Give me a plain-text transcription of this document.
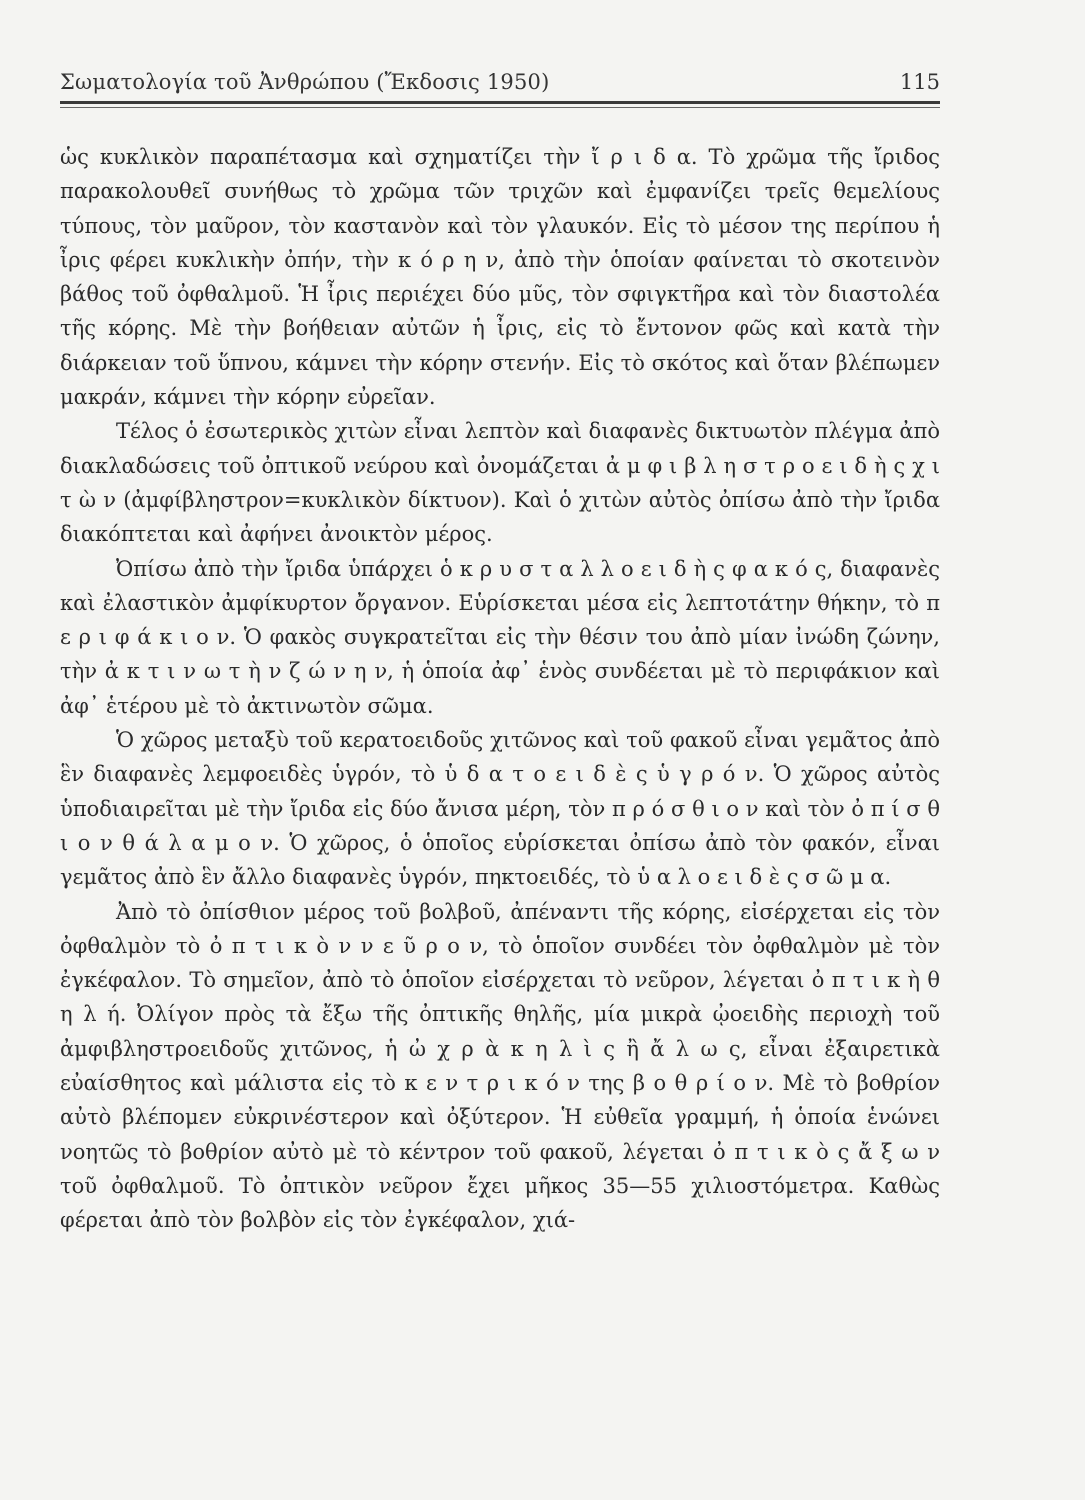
Σωματολογία τοῦ Ἀνθρώπου (Ἔκδοσις 1950)	115

ὡς κυκλικὸν παραπέτασμα καὶ σχηματίζει τὴν ἴ ρ ι δ α. Τὸ χρῶμα τῆς ἴριδος παρακολουθεῖ συνήθως τὸ χρῶμα τῶν τριχῶν καὶ ἐμφανίζει τρεῖς θεμελίους τύπους, τὸν μαῦρον, τὸν καστανὸν καὶ τὸν γλαυκόν. Εἰς τὸ μέσον της περίπου ἡ ἶρις φέρει κυκλικὴν ὀπήν, τὴν κ ό ρ η ν, ἀπὸ τὴν ὁποίαν φαίνεται τὸ σκοτεινὸν βάθος τοῦ ὀφθαλμοῦ. Ἡ ἶρις περιέχει δύο μῦς, τὸν σφιγκτῆρα καὶ τὸν διαστολέα τῆς κόρης. Μὲ τὴν βοήθειαν αὐτῶν ἡ ἶρις, εἰς τὸ ἔντονον φῶς καὶ κατὰ τὴν διάρκειαν τοῦ ὕπνου, κάμνει τὴν κόρην στενήν. Εἰς τὸ σκότος καὶ ὅταν βλέπωμεν μακράν, κάμνει τὴν κόρην εὐρεῖαν.

Τέλος ὁ ἐσωτερικὸς χιτὼν εἶναι λεπτὸν καὶ διαφανὲς δικτυωτὸν πλέγμα ἀπὸ διακλαδώσεις τοῦ ὀπτικοῦ νεύρου καὶ ὀνομάζεται ἀ μ φ ι β λ η σ τ ρ ο ε ι δ ὴ ς χ ι τ ὼ ν (ἀμφίβληστρον=κυκλικὸν δίκτυον). Καὶ ὁ χιτὼν αὐτὸς ὀπίσω ἀπὸ τὴν ἴριδα διακόπτεται καὶ ἀφήνει ἀνοικτὸν μέρος.

Ὀπίσω ἀπὸ τὴν ἴριδα ὑπάρχει ὁ κ ρ υ σ τ α λ λ ο ε ι δ ὴ ς φ α κ ό ς, διαφανὲς καὶ ἐλαστικὸν ἀμφίκυρτον ὄργανον. Εὑρίσκεται μέσα εἰς λεπτοτάτην θήκην, τὸ π ε ρ ι φ ά κ ι ο ν. Ὁ φακὸς συγκρατεῖται εἰς τὴν θέσιν του ἀπὸ μίαν ἰνώδη ζώνην, τὴν ἀ κ τ ι ν ω τ ὴ ν ζ ώ ν η ν, ἡ ὁποία ἀφ᾽ ἑνὸς συνδέεται μὲ τὸ περιφάκιον καὶ ἀφ᾽ ἑτέρου μὲ τὸ ἀκτινωτὸν σῶμα.

Ὁ χῶρος μεταξὺ τοῦ κερατοειδοῦς χιτῶνος καὶ τοῦ φακοῦ εἶναι γεμᾶτος ἀπὸ ἓν διαφανὲς λεμφοειδὲς ὑγρόν, τὸ ὑ δ α τ ο ε ι δ ὲ ς ὑ γ ρ ό ν. Ὁ χῶρος αὐτὸς ὑποδιαιρεῖται μὲ τὴν ἴριδα εἰς δύο ἄνισα μέρη, τὸν π ρ ό σ θ ι ο ν καὶ τὸν ὀ π ί σ θ ι ο ν θ ά λ α μ ο ν. Ὁ χῶρος, ὁ ὁποῖος εὑρίσκεται ὀπίσω ἀπὸ τὸν φακόν, εἶναι γεμᾶτος ἀπὸ ἓν ἄλλο διαφανὲς ὑγρόν, πηκτοειδές, τὸ ὑ α λ ο ε ι δ ὲ ς σ ῶ μ α.

Ἀπὸ τὸ ὀπίσθιον μέρος τοῦ βολβοῦ, ἀπέναντι τῆς κόρης, εἰσέρχεται εἰς τὸν ὀφθαλμὸν τὸ ὀ π τ ι κ ὸ ν ν ε ῦ ρ ο ν, τὸ ὁποῖον συνδέει τὸν ὀφθαλμὸν μὲ τὸν ἐγκέφαλον. Τὸ σημεῖον, ἀπὸ τὸ ὁποῖον εἰσέρχεται τὸ νεῦρον, λέγεται ὀ π τ ι κ ὴ θ η λ ή. Ὀλίγον πρὸς τὰ ἔξω τῆς ὀπτικῆς θηλῆς, μία μικρὰ ᾠοειδὴς περιοχὴ τοῦ ἀμφιβληστροειδοῦς χιτῶνος, ἡ ὠ χ ρ ὰ κ η λ ὶ ς ἢ ἄ λ ω ς, εἶναι ἐξαιρετικὰ εὐαίσθητος καὶ μάλιστα εἰς τὸ κ ε ν τ ρ ι κ ό ν της β ο θ ρ ί ο ν. Μὲ τὸ βοθρίον αὐτὸ βλέπομεν εὐκρινέστερον καὶ ὀξύτερον. Ἡ εὐθεῖα γραμμή, ἡ ὁποία ἑνώνει νοητῶς τὸ βοθρίον αὐτὸ μὲ τὸ κέντρον τοῦ φακοῦ, λέγεται ὀ π τ ι κ ὸ ς ἄ ξ ω ν τοῦ ὀφθαλμοῦ. Τὸ ὀπτικὸν νεῦρον ἔχει μῆκος 35—55 χιλιοστόμετρα. Καθὼς φέρεται ἀπὸ τὸν βολβὸν εἰς τὸν ἐγκέφαλον, χιά-
